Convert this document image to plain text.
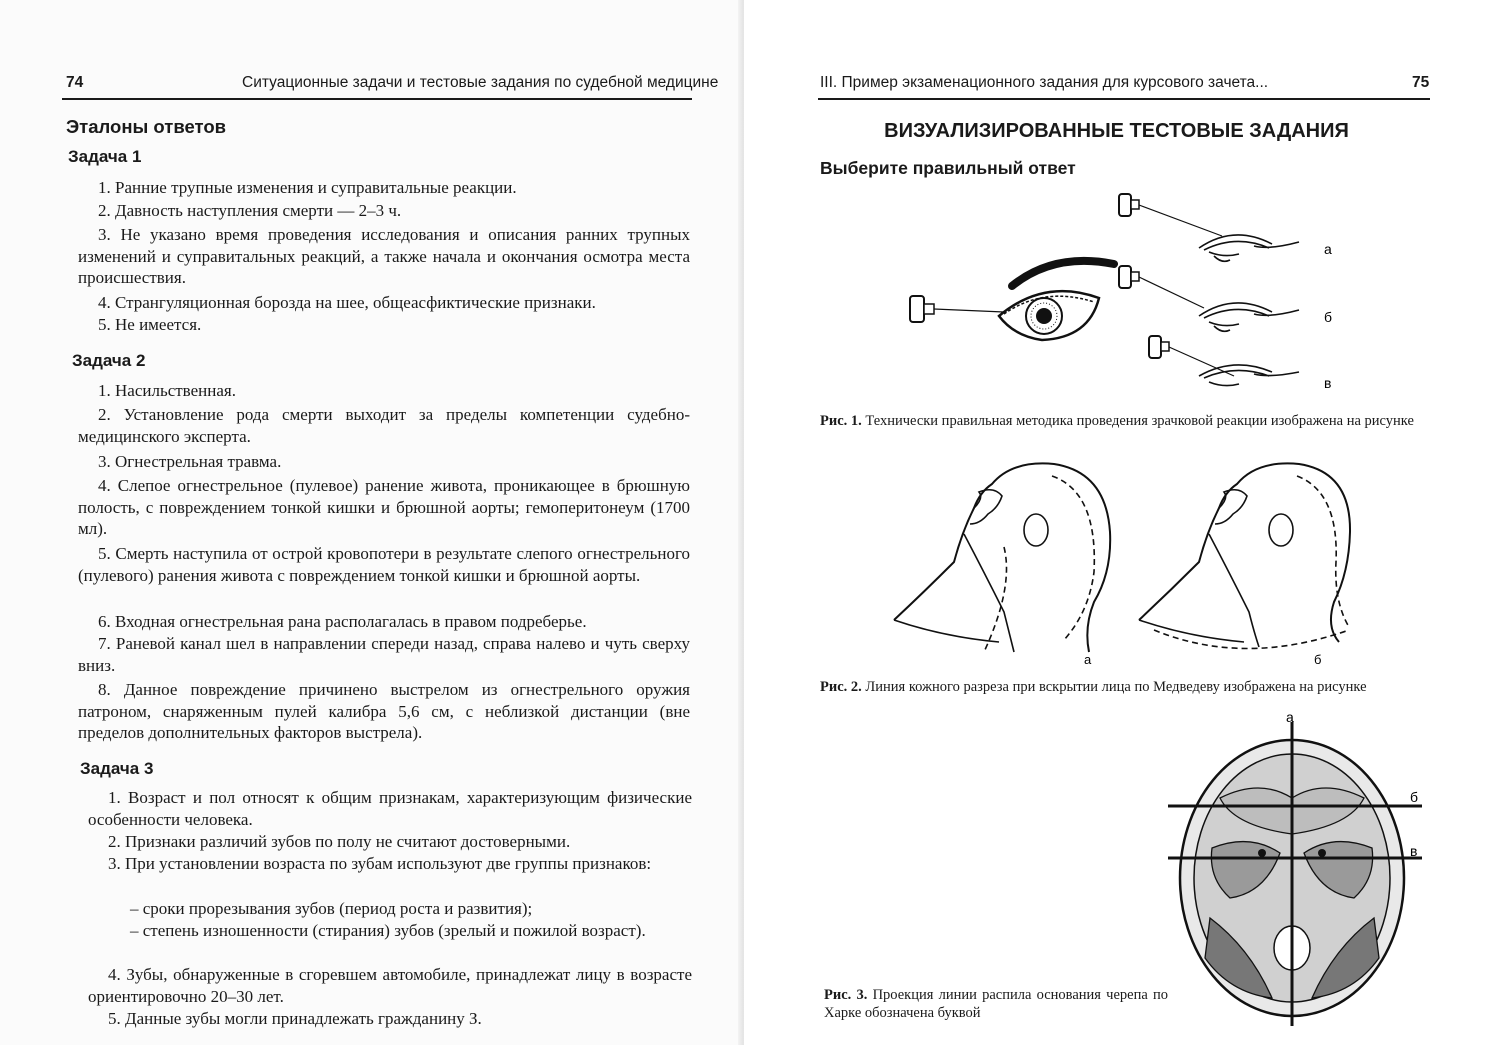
74	Ситуационные задачи и тестовые задания по судебной медицине
Эталоны ответов
Задача 1
1. Ранние трупные изменения и суправитальные реакции.
2. Давность наступления смерти — 2–3 ч.
3. Не указано время проведения исследования и описания ранних трупных изменений и суправитальных реакций, а также начала и окончания осмотра места происшествия.
4. Странгуляционная борозда на шее, общеасфиктические признаки.
5. Не имеется.
Задача 2
1. Насильственная.
2. Установление рода смерти выходит за пределы компетенции судебно-медицинского эксперта.
3. Огнестрельная травма.
4. Слепое огнестрельное (пулевое) ранение живота, проникающее в брюшную полость, с повреждением тонкой кишки и брюшной аорты; гемоперитонеум (1700 мл).
5. Смерть наступила от острой кровопотери в результате слепого огнестрельного (пулевого) ранения живота с повреждением тонкой кишки и брюшной аорты.
6. Входная огнестрельная рана располагалась в правом подреберье.
7. Раневой канал шел в направлении спереди назад, справа налево и чуть сверху вниз.
8. Данное повреждение причинено выстрелом из огнестрельного оружия патроном, снаряженным пулей калибра 5,6 см, с неблизкой дистанции (вне пределов дополнительных факторов выстрела).
Задача 3
1. Возраст и пол относят к общим признакам, характеризующим физические особенности человека.
2. Признаки различий зубов по полу не считают достоверными.
3. При установлении возраста по зубам используют две группы признаков:
– сроки прорезывания зубов (период роста и развития);
– степень изношенности (стирания) зубов (зрелый и пожилой возраст).
4. Зубы, обнаруженные в сгоревшем автомобиле, принадлежат лицу в возрасте ориентировочно 20–30 лет.
5. Данные зубы могли принадлежать гражданину З.
III. Пример экзаменационного задания для курсового зачета...	75
ВИЗУАЛИЗИРОВАННЫЕ ТЕСТОВЫЕ ЗАДАНИЯ
Выберите правильный ответ
а
б
в
Рис. 1. Технически правильная методика проведения зрачковой реакции изображена на рисунке
а	б
Рис. 2. Линия кожного разреза при вскрытии лица по Медведеву изображена на рисунке
а
б
в
Рис. 3. Проекция линии распила основания черепа по Харке обозначена буквой
